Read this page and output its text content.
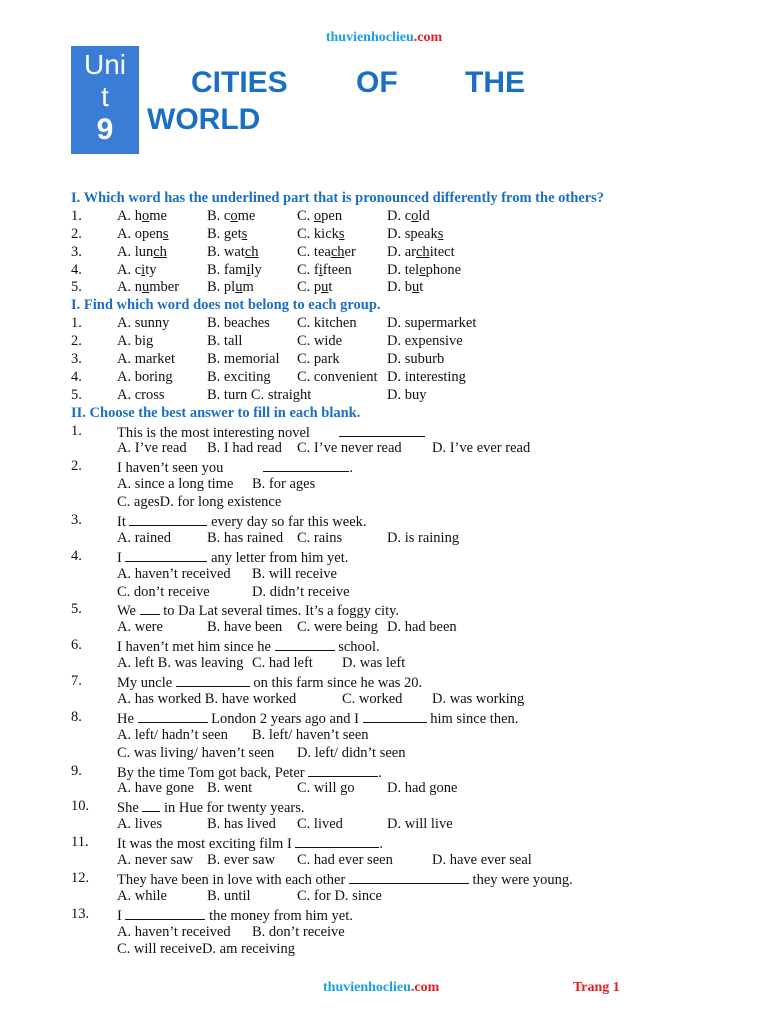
thuvienhoclieu.com
Uni
t
9
CITIES OF THE
WORLD
I. Which word has the underlined part that is pronounced differently from the others?
1. A. home	B. come	C. open	D. cold
2. A. opens	B. gets	C. kicks	D. speaks
3. A. lunch	B. watch	C. teacher D. architect
4. A. city	B. family C. fifteen D. telephone
5. A. number B. plum	C. put	D. but
I. Find which word does not belong to each group.
1. A. sunny	B. beaches C. kitchen D. supermarket
2. A. big	B. tall	C. wide	D. expensive
3. A. market B. memorial C. park	D. suburb
4. A. boring B. exciting C. convenient D. interesting
5. A. cross	B. turn C. straight	D. buy
II. Choose the best answer to fill in each blank.
1. This is the most interesting novel
A. I’ve read B. I had read C. I’ve never read D. I’ve ever read
2. I haven’t seen you	.
A. since a long time B. for ages
C. agesD. for long existence
3. It	every day so far this week.
A. rained B. has rained C. rains	D. is raining
4. I	any letter from him yet.
A. haven’t received B. will receive
C. don’t receive	D. didn’t receive
5. We to Da Lat several times. It’s a foggy city.
A. were	B. have been C. were being D. had been
6. I haven’t met him since he	school.
A. left B. was leaving C. had left D. was left
7. My uncle	on this farm since he was 20.
A. has worked B. have worked	C. worked D. was working
8. He	London 2 years ago and I	him since then.
A. left/ hadn’t seen B. left/ haven’t seen
C. was living/ haven’t seen D. left/ didn’t seen
9. By the time Tom got back, Peter	.
A. have gone B. went	C. will go D. had gone
10. She in Hue for twenty years.
A. lives	B. has lived C. lived	D. will live
11. It was the most exciting film I	.
A. never saw B. ever saw C. had ever seen	D. have ever seal
12. They have been in love with each other	they were young.
A. while	B. until	C. for D. since
13. I	the money from him yet.
A. haven’t received B. don’t receive
C. will receiveD. am receiving
thuvienhoclieu.com	Trang 1
